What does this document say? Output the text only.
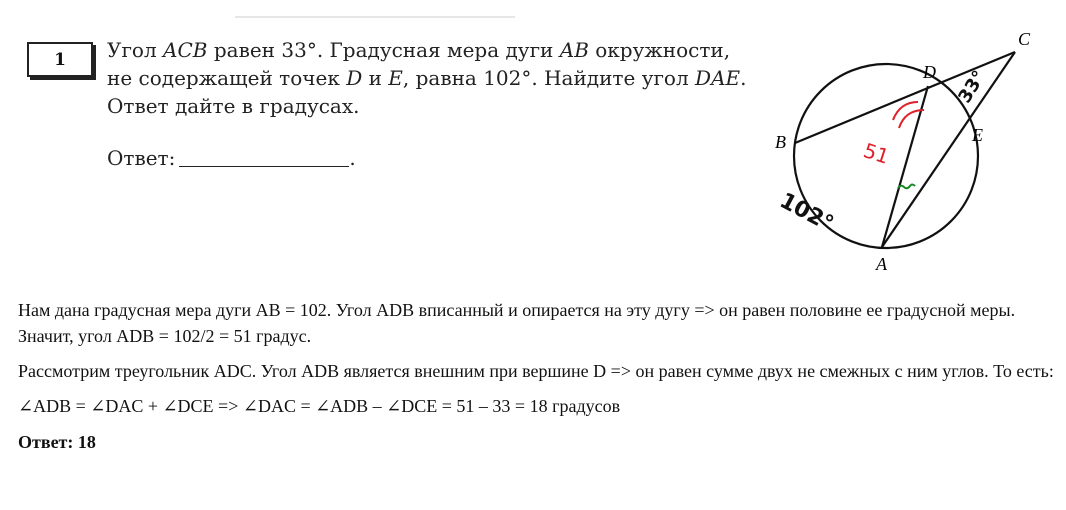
1 Угол ACB равен 33°. Градусная мера дуги AB окружности,
не содержащей точек D и E, равна 102°. Найдите угол DAE.
Ответ дайте в градусах.
Ответ:	.
C
D
B	E
A
51
102°
33°

Нам дана градусная мера дуги AB = 102. Угол ADB вписанный и опирается на эту дугу => он равен половине ее градусной меры. Значит, угол ADB = 102/2 = 51 градус.

Рассмотрим треугольник ADC. Угол ADB является внешним при вершине D => он равен сумме двух не смежных с ним углов. То есть:

∠ADB = ∠DAC + ∠DCE => ∠DAC = ∠ADB – ∠DCE = 51 – 33 = 18 градусов

Ответ: 18
